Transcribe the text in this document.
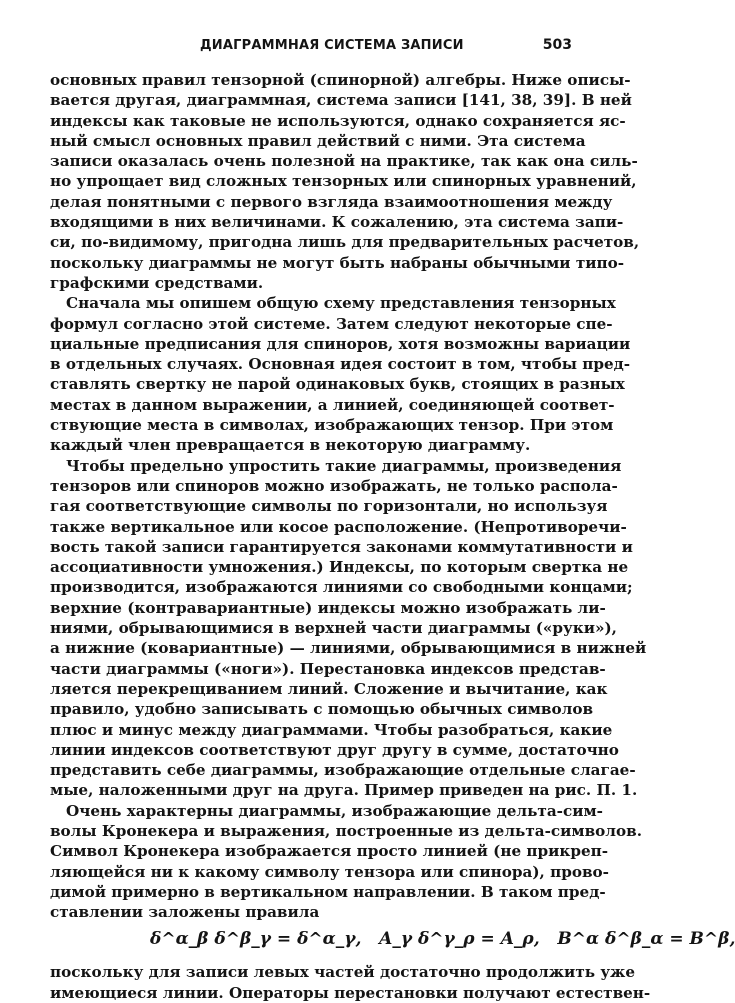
ДИАГРАММНАЯ СИСТЕМА ЗАПИСИ	503
основных правил тензорной (спинорной) алгебры. Ниже описы-
вается другая, диаграммная, система записи [141, 38, 39]. В ней
индексы как таковые не используются, однако сохраняется яс-
ный смысл основных правил действий с ними. Эта система
записи оказалась очень полезной на практике, так как она силь-
но упрощает вид сложных тензорных или спинорных уравнений,
делая понятными с первого взгляда взаимоотношения между
входящими в них величинами. К сожалению, эта система запи-
си, по-видимому, пригодна лишь для предварительных расчетов,
поскольку диаграммы не могут быть набраны обычными типо-
графскими средствами.
Сначала мы опишем общую схему представления тензорных
формул согласно этой системе. Затем следуют некоторые спе-
циальные предписания для спиноров, хотя возможны вариации
в отдельных случаях. Основная идея состоит в том, чтобы пред-
ставлять свертку не парой одинаковых букв, стоящих в разных
местах в данном выражении, а линией, соединяющей соответ-
ствующие места в символах, изображающих тензор. При этом
каждый член превращается в некоторую диаграмму.
Чтобы предельно упростить такие диаграммы, произведения
тензоров или спиноров можно изображать, не только распола-
гая соответствующие символы по горизонтали, но используя
также вертикальное или косое расположение. (Непротиворечи-
вость такой записи гарантируется законами коммутативности и
ассоциативности умножения.) Индексы, по которым свертка не
производится, изображаются линиями со свободными концами;
верхние (контравариантные) индексы можно изображать ли-
ниями, обрывающимися в верхней части диаграммы («руки»),
а нижние (ковариантные) — линиями, обрывающимися в нижней
части диаграммы («ноги»). Перестановка индексов представ-
ляется перекрещиванием линий. Сложение и вычитание, как
правило, удобно записывать с помощью обычных символов
плюс и минус между диаграммами. Чтобы разобраться, какие
линии индексов соответствуют друг другу в сумме, достаточно
представить себе диаграммы, изображающие отдельные слагае-
мые, наложенными друг на друга. Пример приведен на рис. П. 1.
Очень характерны диаграммы, изображающие дельта-сим-
волы Кронекера и выражения, построенные из дельта-символов.
Символ Кронекера изображается просто линией (не прикреп-
ляющейся ни к какому символу тензора или спинора), прово-
димой примерно в вертикальном направлении. В таком пред-
ставлении заложены правила
δ^α_β δ^β_γ = δ^α_γ,   A_γ δ^γ_ρ = A_ρ,   B^α δ^β_α = B^β,
поскольку для записи левых частей достаточно продолжить уже
имеющиеся линии. Операторы перестановки получают естествен-
